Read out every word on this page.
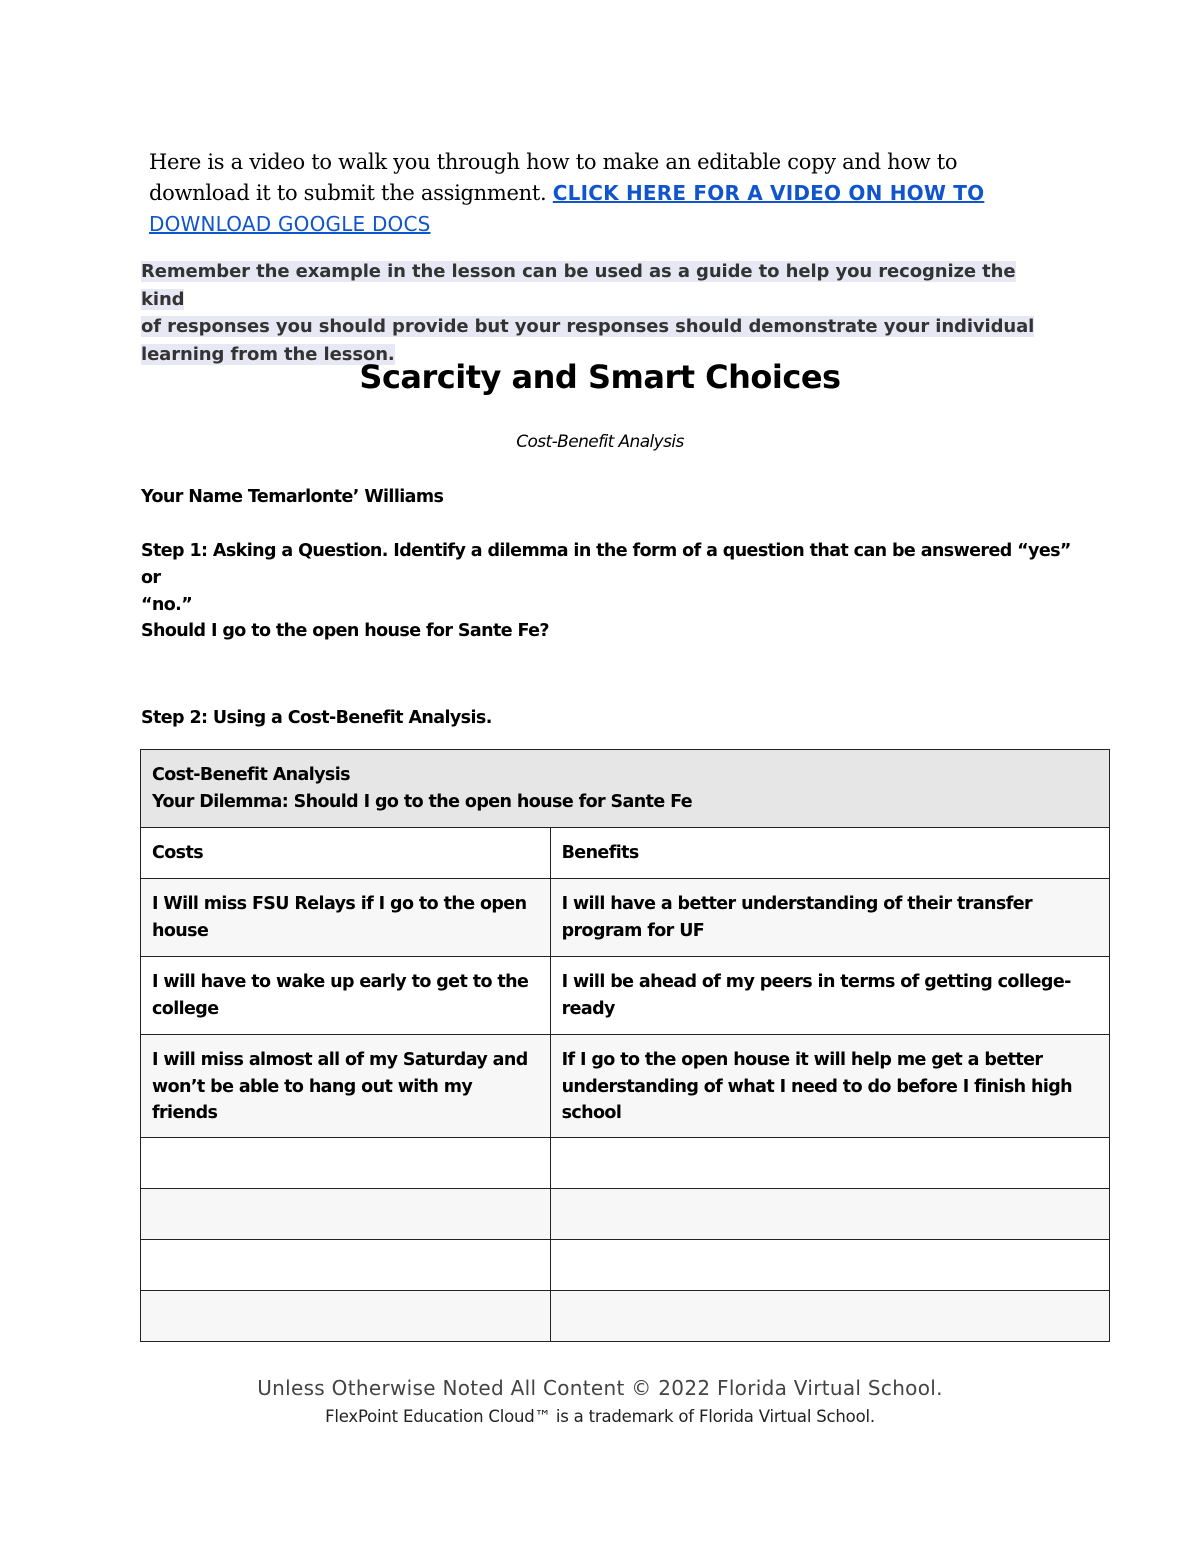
Here is a video to walk you through how to make an editable copy and how to
download it to submit the assignment. CLICK HERE FOR A VIDEO ON HOW TO DOWNLOAD GOOGLE DOCS
Remember the example in the lesson can be used as a guide to help you recognize the kind
of responses you should provide but your responses should demonstrate your individual
learning from the lesson.
Scarcity and Smart Choices
Cost-Benefit Analysis
Your Name Temarlonte’ Williams
Step 1: Asking a Question. Identify a dilemma in the form of a question that can be answered “yes” or
“no.”
Should I go to the open house for Sante Fe?
Step 2: Using a Cost-Benefit Analysis.
Cost-Benefit Analysis
Your Dilemma: Should I go to the open house for Sante Fe	

Costs	Benefits
I Will miss FSU Relays if I go to the open house	I will have a better understanding of their transfer program for UF
I will have to wake up early to get to the college	I will be ahead of my peers in terms of getting college-ready
I will miss almost all of my Saturday and won’t be able to hang out with my friends	If I go to the open house it will help me get a better understanding of what I need to do before I finish high school

Unless Otherwise Noted All Content © 2022 Florida Virtual School.
FlexPoint Education Cloud™ is a trademark of Florida Virtual School.
